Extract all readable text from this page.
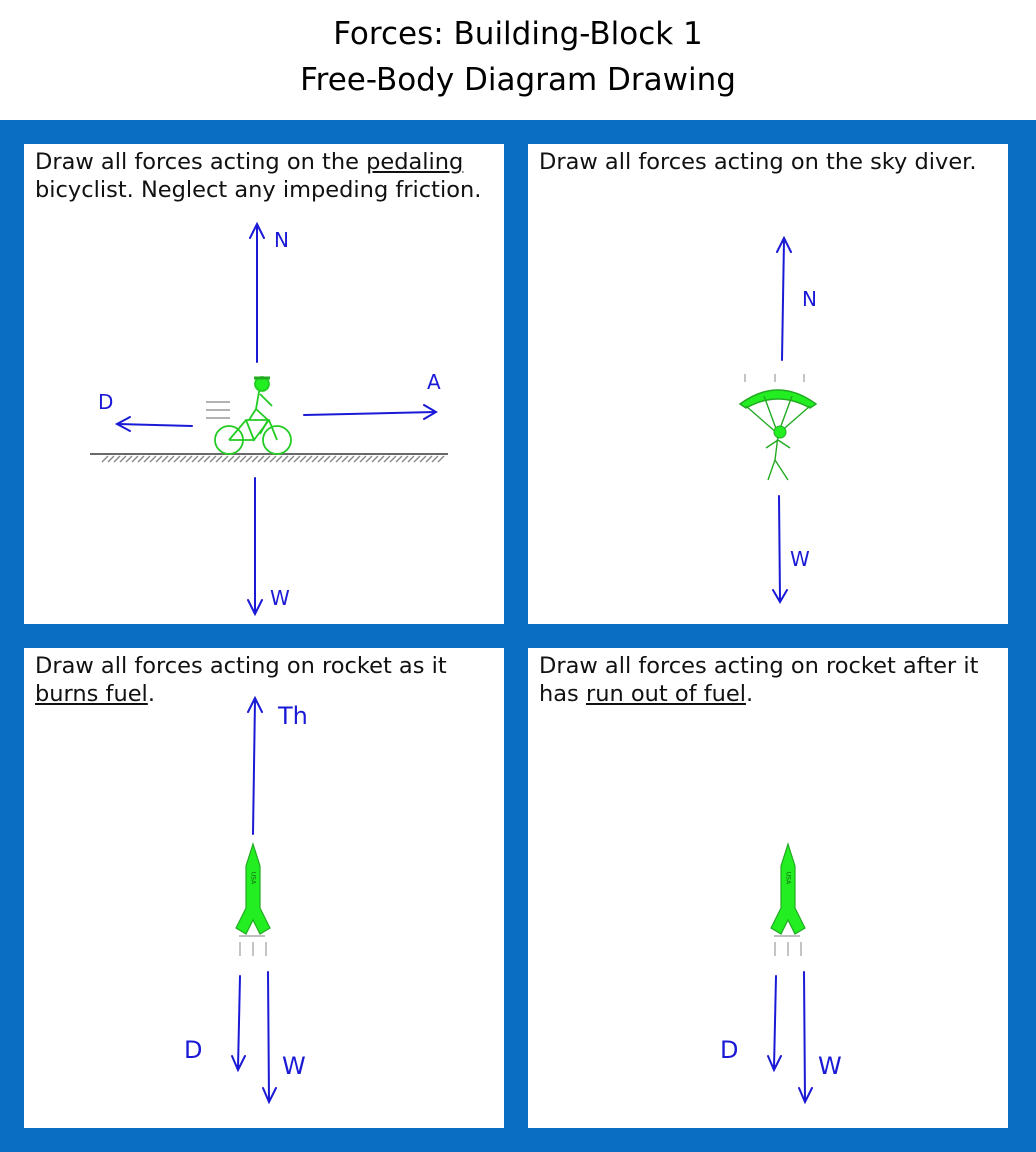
Forces: Building-Block 1
Free-Body Diagram Drawing
Draw all forces acting on the pedaling bicyclist. Neglect any impeding friction.
N
W
D
A
Draw all forces acting on the sky diver.
N
W
Draw all forces acting on rocket as it burns fuel.
Th
D
W
USA
Draw all forces acting on rocket after it has run out of fuel.
D
W
USA
